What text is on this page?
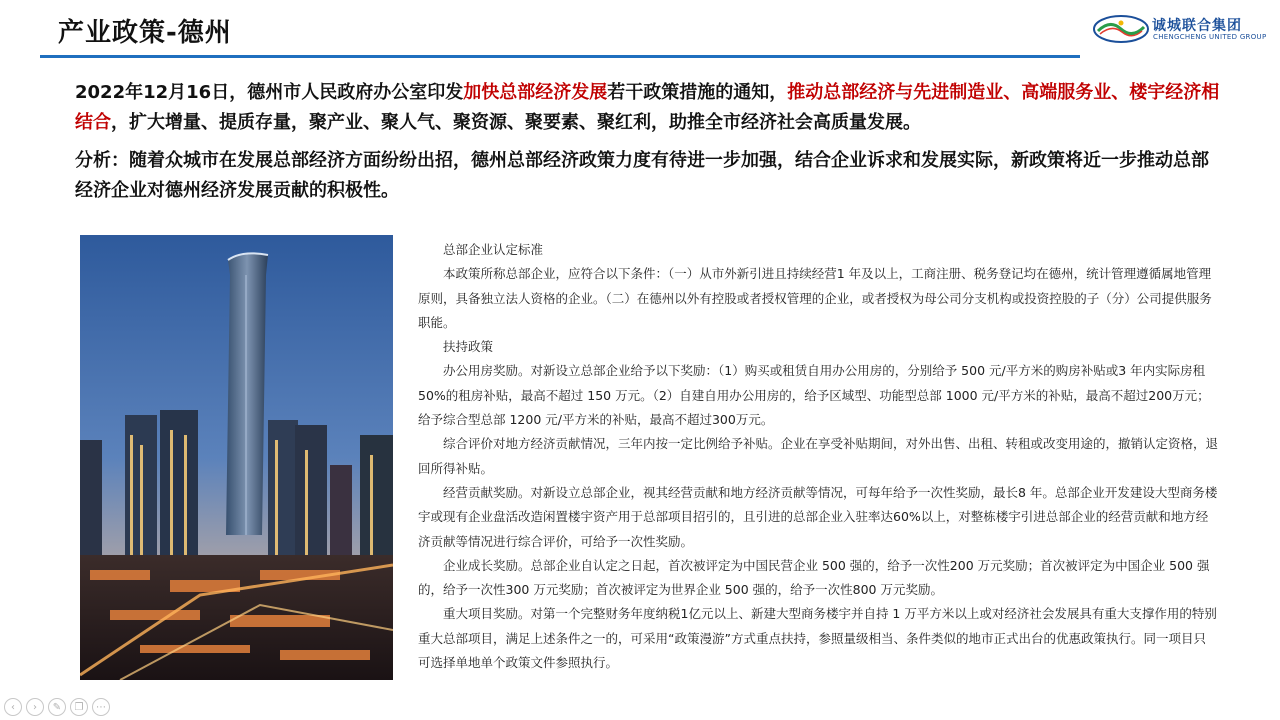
产业政策-德州	诚城联合集团
CHENGCHENG UNITED GROUP
2022年12月16日，德州市人民政府办公室印发加快总部经济发展若干政策措施的通知，推动总部经济与先进制造业、高端服务业、楼宇经济相结合，扩大增量、提质存量，聚产业、聚人气、聚资源、聚要素、聚红利，助推全市经济社会高质量发展。
分析：随着众城市在发展总部经济方面纷纷出招，德州总部经济政策力度有待进一步加强，结合企业诉求和发展实际，新政策将近一步推动总部经济企业对德州经济发展贡献的积极性。

总部企业认定标准

本政策所称总部企业，应符合以下条件：（一）从市外新引进且持续经营1 年及以上，工商注册、税务登记均在德州，统计管理遵循属地管理原则，具备独立法人资格的企业。（二）在德州以外有控股或者授权管理的企业，或者授权为母公司分支机构或投资控股的子（分）公司提供服务职能。

扶持政策

办公用房奖励。对新设立总部企业给予以下奖励：（1）购买或租赁自用办公用房的，分别给予 500 元/平方米的购房补贴或3 年内实际房租50%的租房补贴，最高不超过 150 万元。（2）自建自用办公用房的，给予区域型、功能型总部 1000 元/平方米的补贴，最高不超过200万元；给予综合型总部 1200 元/平方米的补贴，最高不超过300万元。

综合评价对地方经济贡献情况，三年内按一定比例给予补贴。企业在享受补贴期间，对外出售、出租、转租或改变用途的，撤销认定资格，退回所得补贴。

经营贡献奖励。对新设立总部企业，视其经营贡献和地方经济贡献等情况，可每年给予一次性奖励，最长8 年。总部企业开发建设大型商务楼宇或现有企业盘活改造闲置楼宇资产用于总部项目招引的，且引进的总部企业入驻率达60%以上，对整栋楼宇引进总部企业的经营贡献和地方经济贡献等情况进行综合评价，可给予一次性奖励。

企业成长奖励。总部企业自认定之日起，首次被评定为中国民营企业 500 强的，给予一次性200 万元奖励；首次被评定为中国企业 500 强的，给予一次性300 万元奖励；首次被评定为世界企业 500 强的，给予一次性800 万元奖励。

重大项目奖励。对第一个完整财务年度纳税1亿元以上、新建大型商务楼宇并自持 1 万平方米以上或对经济社会发展具有重大支撑作用的特别重大总部项目，满足上述条件之一的，可采用“政策漫游”方式重点扶持，参照量级相当、条件类似的地市正式出台的优惠政策执行。同一项目只可选择单地单个政策文件参照执行。

‹	›	✎	❐	⋯
